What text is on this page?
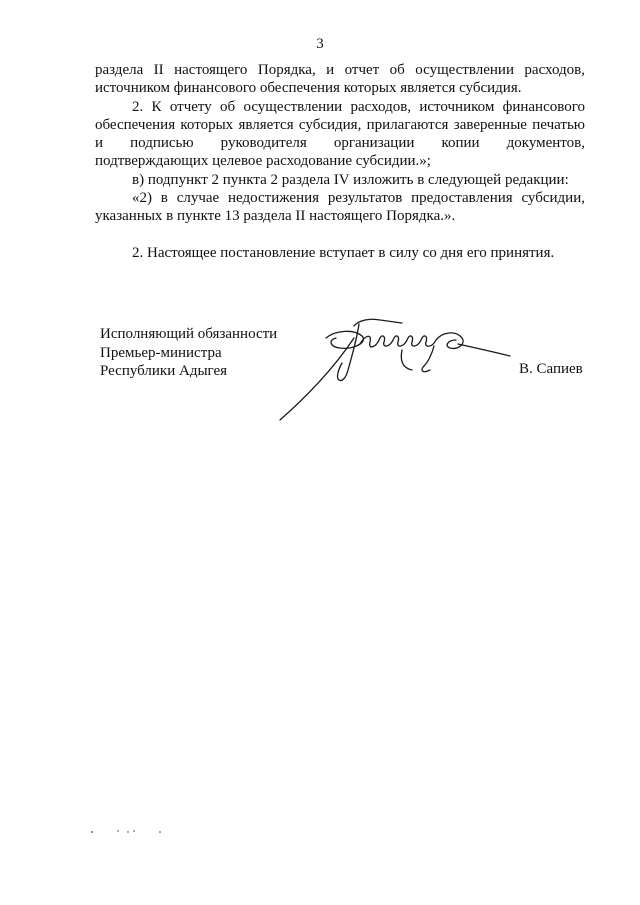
3

раздела II настоящего Порядка, и отчет об осуществлении расходов, источником финансового обеспечения которых является субсидия.

2. К отчету об осуществлении расходов, источником финансового обеспечения которых является субсидия, прилагаются заверенные печатью и подписью руководителя организации копии документов, подтверждающих целевое расходование субсидии.»;

в) подпункт 2 пункта 2 раздела IV изложить в следующей редакции:

«2) в случае недостижения результатов предоставления субсидии, указанных в пункте 13 раздела II настоящего Порядка.».

2. Настоящее постановление вступает в силу со дня его принятия.

Исполняющий обязанности
Премьер-министра
Республики Адыгея	В. Сапиев
